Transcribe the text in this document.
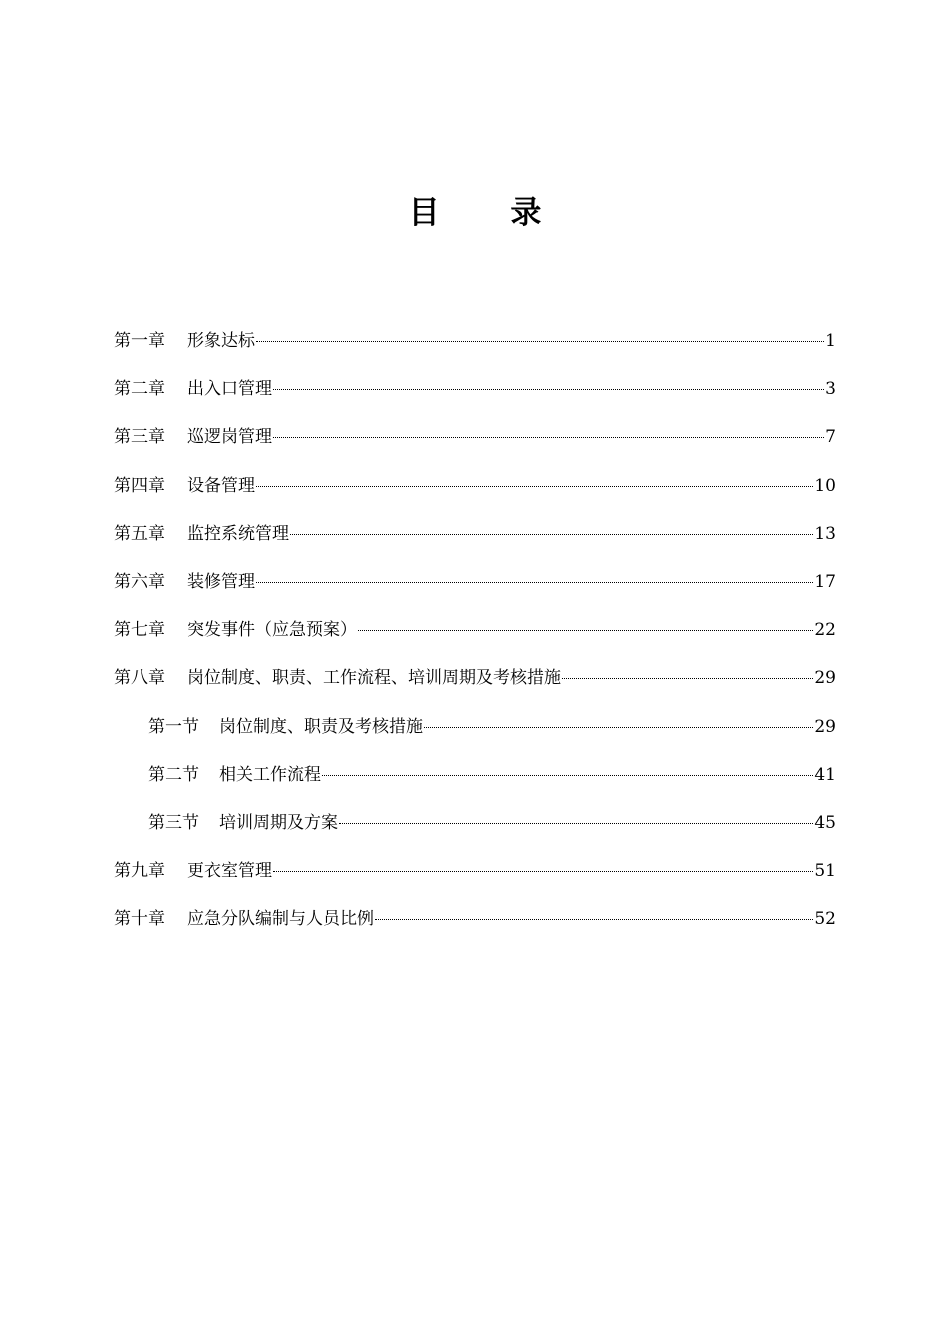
目 录
第一章 形象达标	1
第二章 出入口管理	3
第三章 巡逻岗管理	7
第四章 设备管理	10
第五章 监控系统管理	13
第六章 装修管理	17
第七章 突发事件（应急预案）	22
第八章 岗位制度、职责、工作流程、培训周期及考核措施	29
第一节 岗位制度、职责及考核措施	29
第二节 相关工作流程	41
第三节 培训周期及方案	45
第九章 更衣室管理	51
第十章 应急分队编制与人员比例	52
